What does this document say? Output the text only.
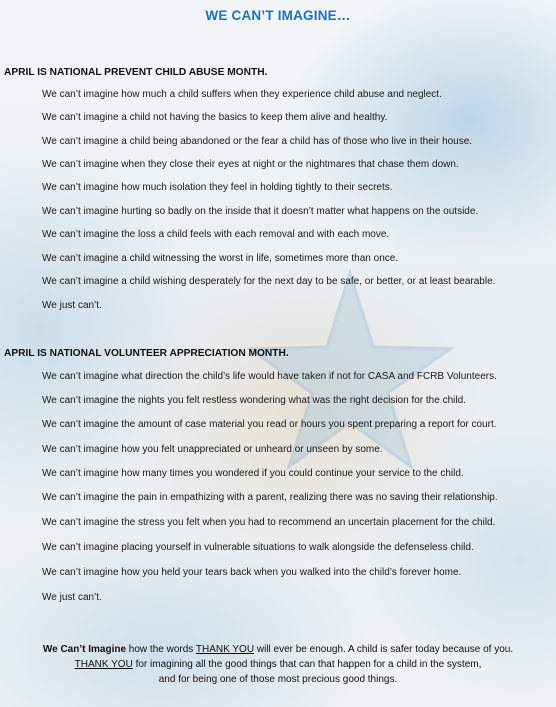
WE CAN’T IMAGINE…
APRIL IS NATIONAL PREVENT CHILD ABUSE MONTH.
We can’t imagine how much a child suffers when they experience child abuse and neglect.
We can’t imagine a child not having the basics to keep them alive and healthy.
We can’t imagine a child being abandoned or the fear a child has of those who live in their house.
We can’t imagine when they close their eyes at night or the nightmares that chase them down.
We can’t imagine how much isolation they feel in holding tightly to their secrets.
We can’t imagine hurting so badly on the inside that it doesn’t matter what happens on the outside.
We can’t imagine the loss a child feels with each removal and with each move.
We can’t imagine a child witnessing the worst in life, sometimes more than once.
We can’t imagine a child wishing desperately for the next day to be safe, or better, or at least bearable.
We just can’t.
APRIL IS NATIONAL VOLUNTEER APPRECIATION MONTH.
We can’t imagine what direction the child’s life would have taken if not for CASA and FCRB Volunteers.
We can’t imagine the nights you felt restless wondering what was the right decision for the child.
We can’t imagine the amount of case material you read or hours you spent preparing a report for court.
We can’t imagine how you felt unappreciated or unheard or unseen by some.
We can’t imagine how many times you wondered if you could continue your service to the child.
We can’t imagine the pain in empathizing with a parent, realizing there was no saving their relationship.
We can’t imagine the stress you felt when you had to recommend an uncertain placement for the child.
We can’t imagine placing yourself in vulnerable situations to walk alongside the defenseless child.
We can’t imagine how you held your tears back when you walked into the child’s forever home.
We just can’t.
We Can’t Imagine how the words THANK YOU will ever be enough. A child is safer today because of you.
THANK YOU for imagining all the good things that can that happen for a child in the system,
and for being one of those most precious good things.
